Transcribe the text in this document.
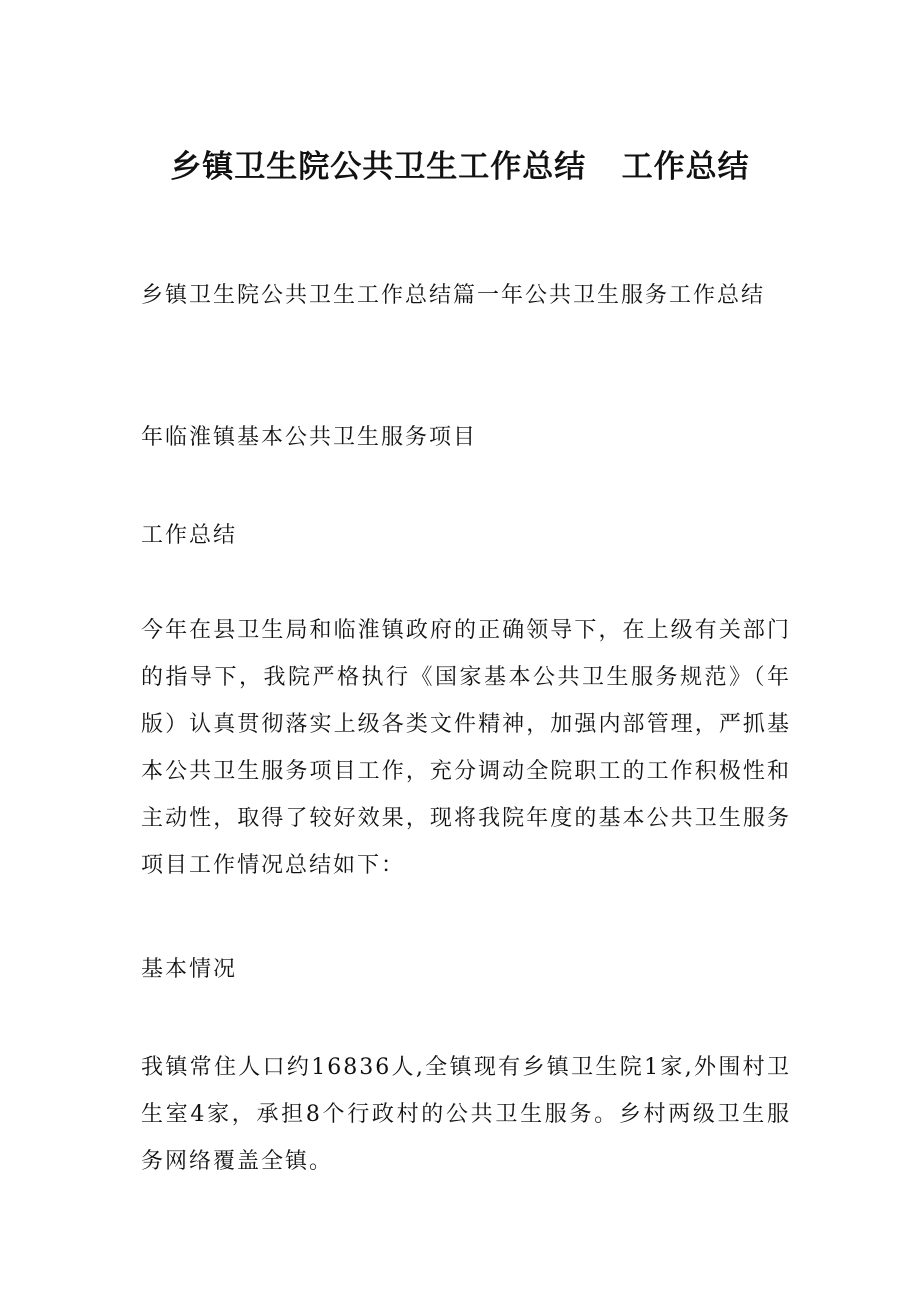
乡镇卫生院公共卫生工作总结   工作总结

乡镇卫生院公共卫生工作总结篇一年公共卫生服务工作总结

年临淮镇基本公共卫生服务项目

工作总结

今年在县卫生局和临淮镇政府的正确领导下，在上级有关部门的指导下，我院严格执行《国家基本公共卫生服务规范》（年版）认真贯彻落实上级各类文件精神，加强内部管理，严抓基本公共卫生服务项目工作，充分调动全院职工的工作积极性和主动性，取得了较好效果，现将我院年度的基本公共卫生服务项目工作情况总结如下：

基本情况

我镇常住人口约16836人,全镇现有乡镇卫生院1家,外围村卫生室4家，承担8个行政村的公共卫生服务。乡村两级卫生服务网络覆盖全镇。
